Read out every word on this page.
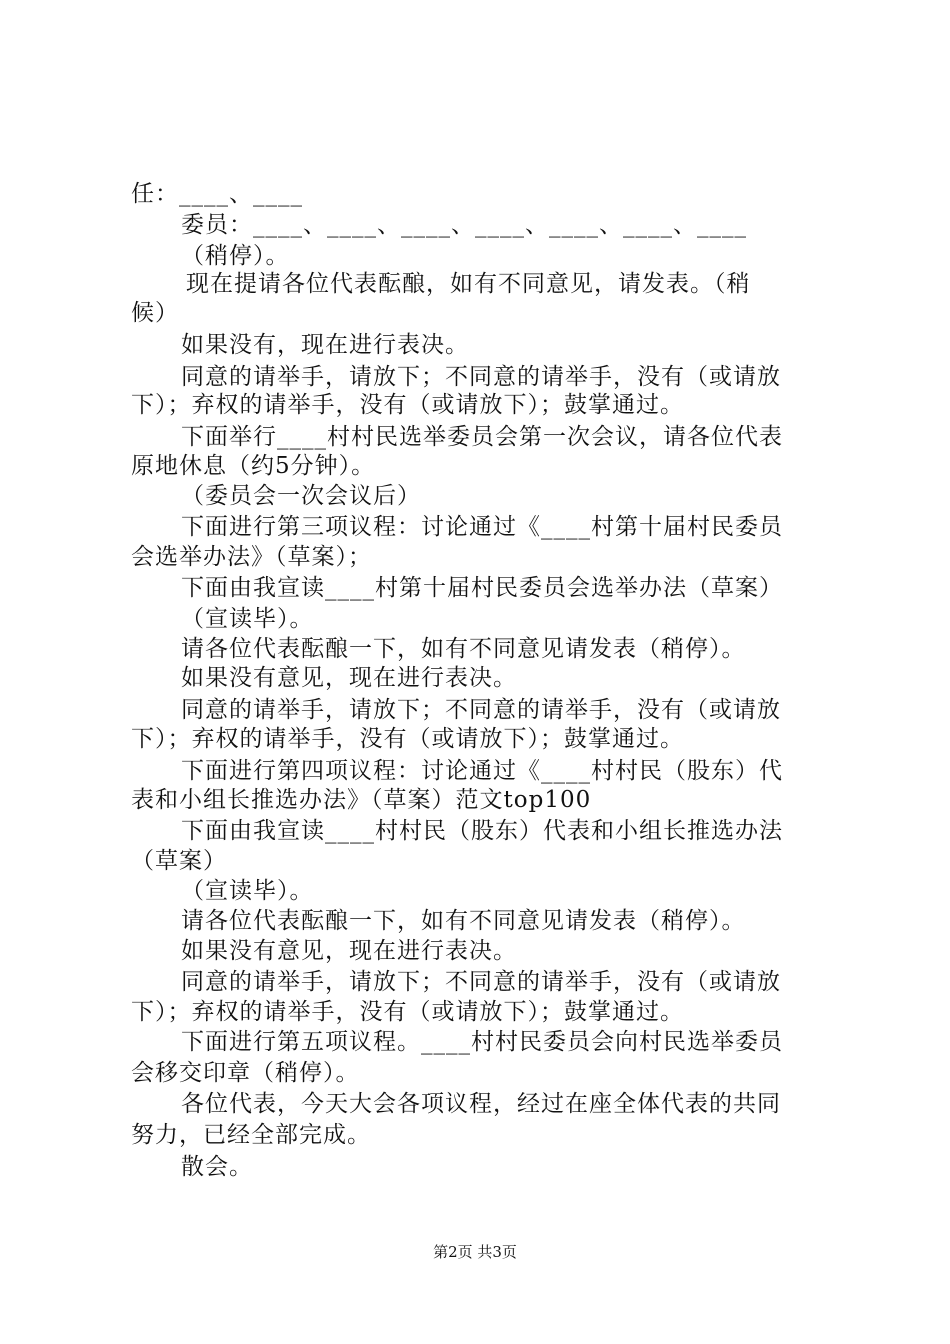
任：____、____
委员：____、____、____、____、____、____、____
（稍停）。
现在提请各位代表酝酿，如有不同意见，请发表。（稍
候）
如果没有，现在进行表决。
同意的请举手，请放下；不同意的请举手，没有（或请放
下）；弃权的请举手，没有（或请放下）；鼓掌通过。
下面举行____村村民选举委员会第一次会议，请各位代表
原地休息（约5分钟）。
（委员会一次会议后）
下面进行第三项议程：讨论通过《____村第十届村民委员
会选举办法》（草案）；
下面由我宣读____村第十届村民委员会选举办法（草案）
（宣读毕）。
请各位代表酝酿一下，如有不同意见请发表（稍停）。
如果没有意见，现在进行表决。
同意的请举手，请放下；不同意的请举手，没有（或请放
下）；弃权的请举手，没有（或请放下）；鼓掌通过。
下面进行第四项议程：讨论通过《____村村民（股东）代
表和小组长推选办法》（草案）范文top100
下面由我宣读____村村民（股东）代表和小组长推选办法
（草案）
（宣读毕）。
请各位代表酝酿一下，如有不同意见请发表（稍停）。
如果没有意见，现在进行表决。
同意的请举手，请放下；不同意的请举手，没有（或请放
下）；弃权的请举手，没有（或请放下）；鼓掌通过。
下面进行第五项议程。____村村民委员会向村民选举委员
会移交印章（稍停）。
各位代表，今天大会各项议程，经过在座全体代表的共同
努力，已经全部完成。
散会。
第2页 共3页
